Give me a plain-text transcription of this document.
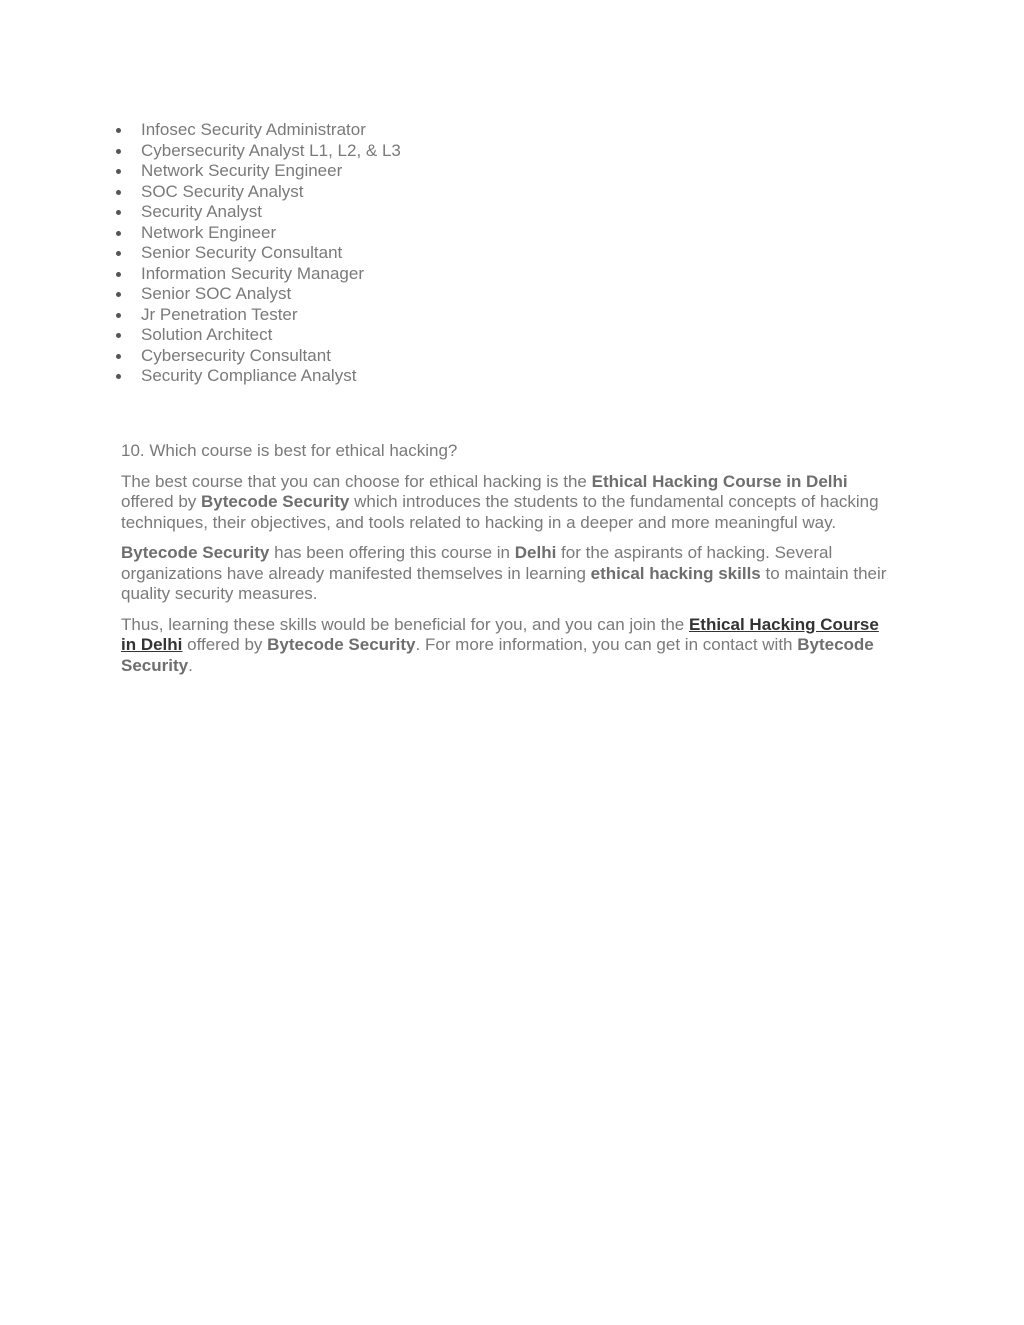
Infosec Security Administrator
Cybersecurity Analyst L1, L2, & L3
Network Security Engineer
SOC Security Analyst
Security Analyst
Network Engineer
Senior Security Consultant
Information Security Manager
Senior SOC Analyst
Jr Penetration Tester
Solution Architect
Cybersecurity Consultant
Security Compliance Analyst

10. Which course is best for ethical hacking?

The best course that you can choose for ethical hacking is the Ethical Hacking Course in Delhi offered by Bytecode Security which introduces the students to the fundamental concepts of hacking techniques, their objectives, and tools related to hacking in a deeper and more meaningful way.

Bytecode Security has been offering this course in Delhi for the aspirants of hacking. Several organizations have already manifested themselves in learning ethical hacking skills to maintain their quality security measures.

Thus, learning these skills would be beneficial for you, and you can join the Ethical Hacking Course in Delhi offered by Bytecode Security. For more information, you can get in contact with Bytecode Security.
